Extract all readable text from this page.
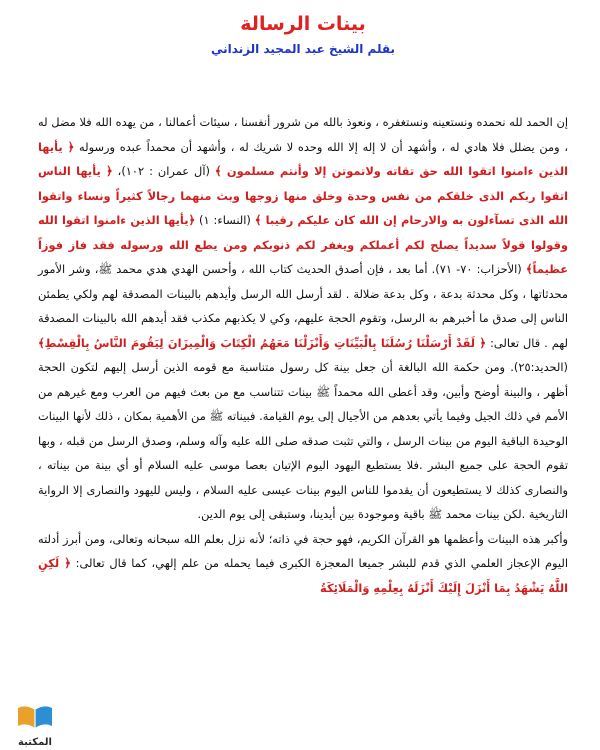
بينات الرسالة
بقلم الشيخ عبد المجيد الزنداني

إن الحمد لله نحمده ونستعينه ونستغفره ، ونعوذ بالله من شرور أنفسنا ، سيئات أعمالنا ، من يهده الله فلا مضل له ، ومن يضلل فلا هادي له ، وأشهد أن لا إله إلا الله وحده لا شريك له ، وأشهد أن محمداً عبده ورسوله ﴿ يأيها الذين ءامنوا اتقوا الله حق تقاته ولاتموتن إلا وأنتم مسلمون ﴾ (آل عمران : ١٠٢)، ﴿ يأيها الناس اتقوا ربكم الذى خلقكم من نفس وحدة وخلق منها زوجها وبث منهما رجالاً كثيراً ونساء واتقوا الله الذى تسآءلون به والارحام إن الله كان عليكم رقيبا ﴾ (النساء: ١) ﴿يأيها الذين ءامنوا اتقوا الله وقولوا قولاً سديداً يصلح لكم أعملكم ويغفر لكم ذنوبكم ومن يطع الله ورسوله فقد فاز فوزاً عظيماً﴾ (الأحزاب: ٧٠- ٧١). أما بعد ، فإن أصدق الحديث كتاب الله ، وأحسن الهدي هدي محمد ﷺ، وشر الأمور محدثاتها ، وكل محدثة بدعة ، وكل بدعة ضلالة . لقد أرسل الله الرسل وأيدهم بالبينات المصدقة لهم ولكي يطمئن الناس إلى صدق ما أخبرهم به الرسل، وتقوم الحجة عليهم، وكي لا يكذبهم مكذب فقد أيدهم الله بالبينات المصدقة لهم . قال تعالى: ﴿ لَقَدْ أَرْسَلْنَا رُسُلَنَا بِالْبَيِّنَاتِ وَأَنْزَلْنَا مَعَهُمُ الْكِتَابَ وَالْمِيزَانَ لِيَقُومَ النَّاسُ بِالْقِسْطِ﴾ (الحديد:٢٥). ومن حكمة الله البالغة أن جعل بينة كل رسول متناسبة مع قومه الذين أرسل إليهم لتكون الحجة أظهر ، والبينة أوضح وأبين، وقد أعطى الله محمداً ﷺ بينات تتناسب مع من بعث فيهم من العرب ومع غيرهم من الأمم في ذلك الجيل وفيما يأتي بعدهم من الأجيال إلى يوم القيامة. فبيناته ﷺ من الأهمية بمكان ، ذلك لأنها البينات الوحيدة الباقية اليوم من بينات الرسل ، والتي تثبت صدقه صلى الله عليه وآله وسلم، وصدق الرسل من قبله ، وبها تقوم الحجة على جميع البشر .فلا يستطيع اليهود اليوم الإتيان بعصا موسى عليه السلام أو أي بينة من بيناته ، والنصارى كذلك لا يستطيعون أن يقدموا للناس اليوم بينات عيسى عليه السلام ، وليس لليهود والنصارى إلا الرواية التاريخية .لكن بينات محمد ﷺ باقية وموجودة بين أيدينا، وستبقى إلى يوم الدين.

وأكبر هذه البينات وأعظمها هو القرآن الكريم، فهو حجة في ذاته؛ لأنه نزل بعلم الله سبحانه وتعالى، ومن أبرز أدلته اليوم الإعجاز العلمي الذي قدم للبشر جميعا المعجزة الكبرى فيما يحمله من علم إلهي، كما قال تعالى: ﴿ لَكِنِ اللَّهُ يَشْهَدُ بِمَا أَنْزَلَ إِلَيْكَ أَنْزَلَهُ بِعِلْمِهِ وَالْمَلَائِكَةُ

المكتبة
